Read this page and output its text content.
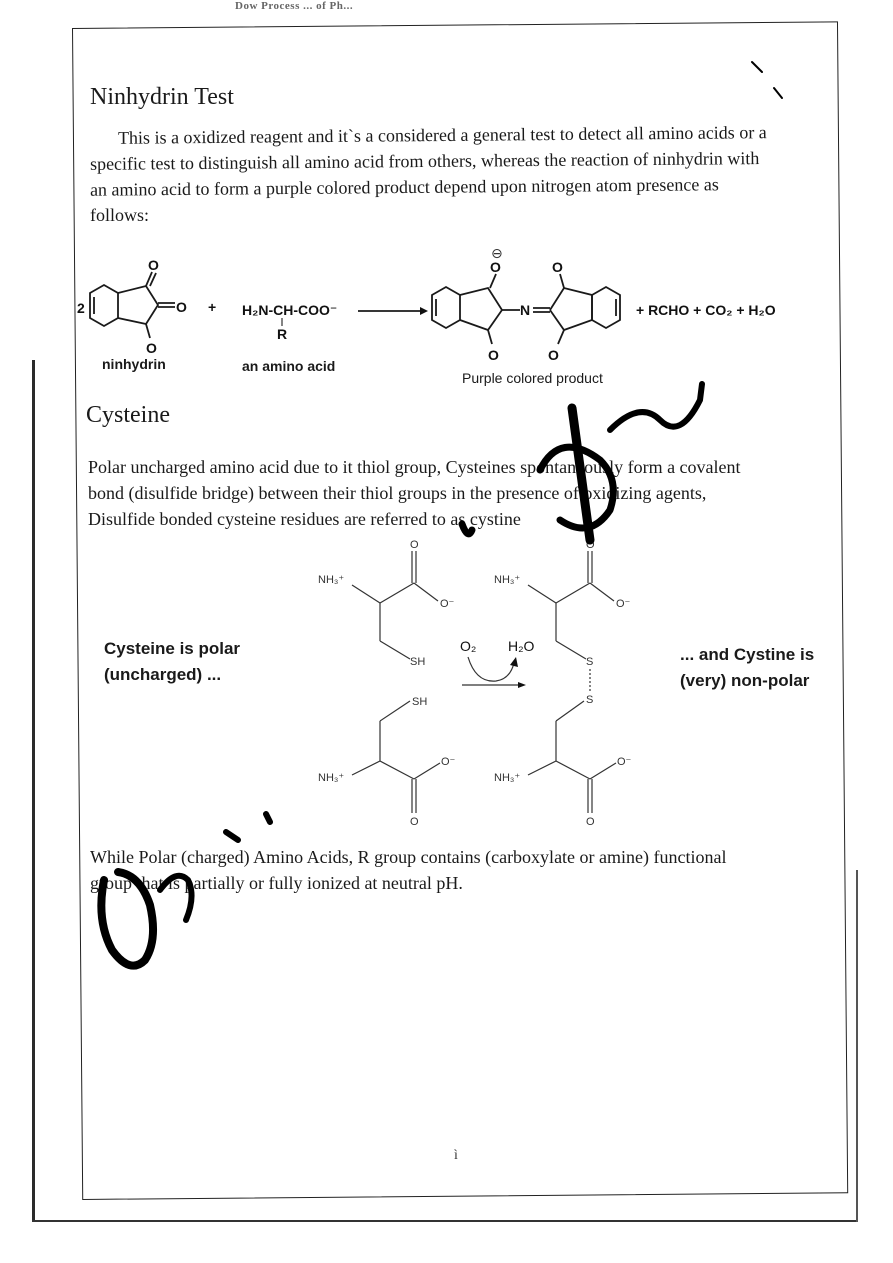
Dow Process ... of Ph...
Ninhydrin Test

This is a oxidized reagent and it`s a considered a general test to detect all amino acids or a

specific test to distinguish all amino acid from others, whereas the reaction of ninhydrin with

an amino acid to form a purple colored product depend upon nitrogen atom presence as

follows:

2
O
O
O
+ H₂N-CH-COO⁻
R
O
⊖
O
N
O
O
+ RCHO + CO₂ + H₂O
ninhydrin	an amino acid
Purple colored product
Cysteine

Polar uncharged amino acid due to it thiol group, Cysteines spontaneously form a covalent

bond (disulfide bridge) between their thiol groups in the presence of oxidizing agents,

Disulfide bonded cysteine residues are referred to as cystine

Cysteine is polar
(uncharged) ...
... and Cystine is
(very) non-polar
NH₃⁺
O
O⁻
SH
SH
NH₃⁺
O⁻
O
O₂ H₂O
NH₃⁺
O
O⁻
S
S
NH₃⁺
O⁻
O

While Polar (charged) Amino Acids, R group contains (carboxylate or amine) functional

group that is partially or fully ionized at neutral pH.

ì
